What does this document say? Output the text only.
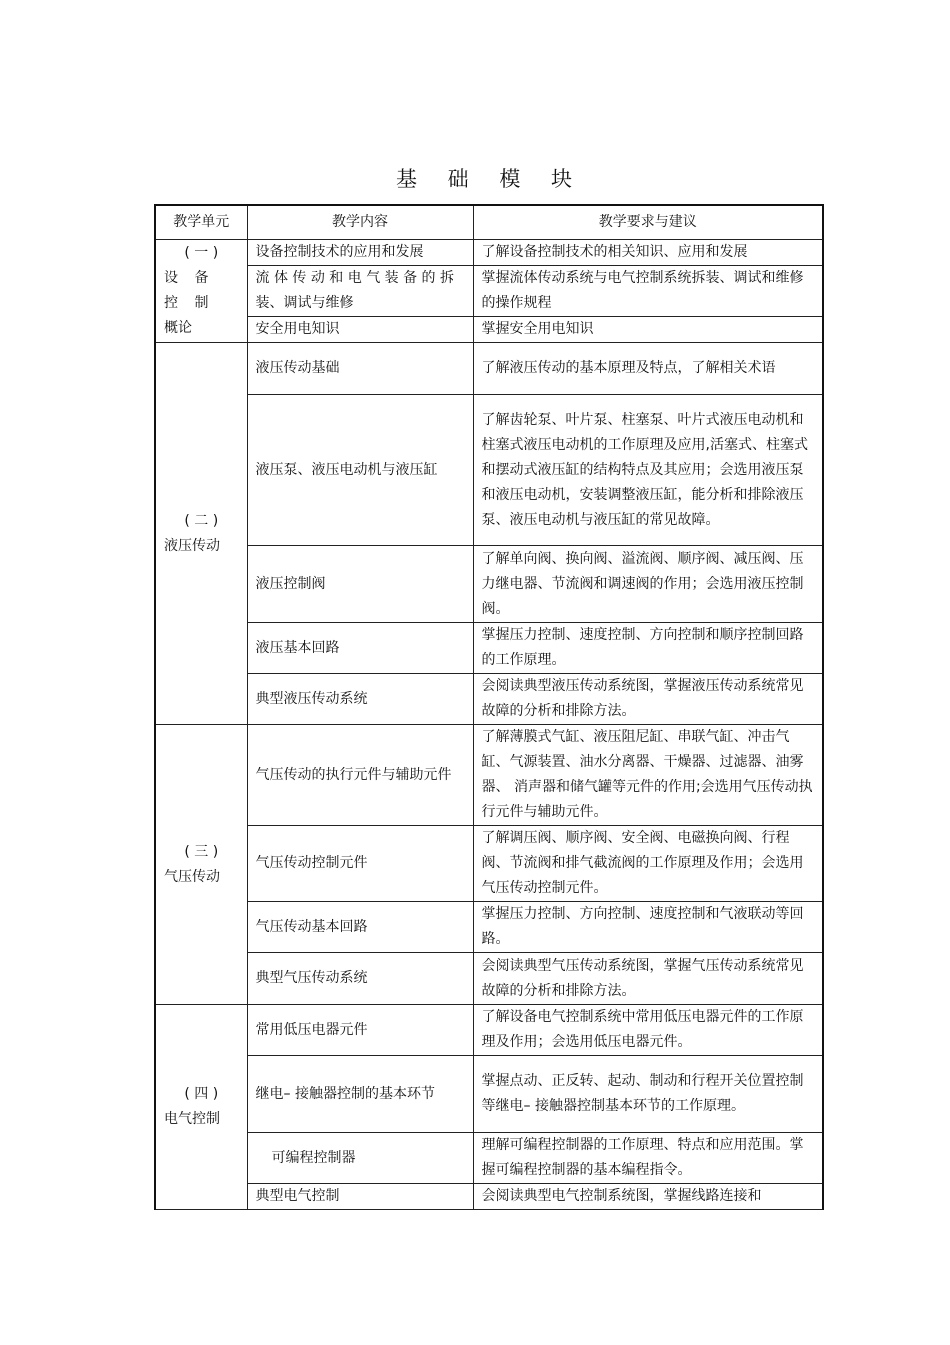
基 础 模 块
教学单元	教学内容	教学要求与建议

( 一 )
设 备 控 制
概论	设备控制技术的应用和发展	了解设备控制技术的相关知识、应用和发展
	流 体 传 动 和 电 气 装 备 的 拆 装、调试与维修	掌握流体传动系统与电气控制系统拆装、调试和维修的操作规程
	安全用电知识	掌握安全用电知识

( 二 )
液压传动	液压传动基础	了解液压传动的基本原理及特点，了解相关术语
	液压泵、液压电动机与液压缸	了解齿轮泵、叶片泵、柱塞泵、叶片式液压电动机和柱塞式液压电动机的工作原理及应用,活塞式、柱塞式和摆动式液压缸的结构特点及其应用；会选用液压泵和液压电动机，安装调整液压缸，能分析和排除液压泵、液压电动机与液压缸的常见故障。
	液压控制阀	了解单向阀、换向阀、溢流阀、顺序阀、减压阀、压力继电器、节流阀和调速阀的作用；会选用液压控制阀。
	液压基本回路	掌握压力控制、速度控制、方向控制和顺序控制回路的工作原理。
	典型液压传动系统	会阅读典型液压传动系统图，掌握液压传动系统常见故障的分析和排除方法。

( 三 )
气压传动	气压传动的执行元件与辅助元件	了解薄膜式气缸、液压阻尼缸、串联气缸、冲击气缸、气源装置、油水分离器、干燥器、过滤器、油雾器、 消声器和储气罐等元件的作用;会选用气压传动执行元件与辅助元件。
	气压传动控制元件	了解调压阀、顺序阀、安全阀、电磁换向阀、行程阀、节流阀和排气截流阀的工作原理及作用；会选用气压传动控制元件。
	气压传动基本回路	掌握压力控制、方向控制、速度控制和气液联动等回路。
	典型气压传动系统	会阅读典型气压传动系统图，掌握气压传动系统常见故障的分析和排除方法。

( 四 )
电气控制	常用低压电器元件	了解设备电气控制系统中常用低压电器元件的工作原理及作用；会选用低压电器元件。
	继电– 接触器控制的基本环节	掌握点动、正反转、起动、制动和行程开关位置控制等继电– 接触器控制基本环节的工作原理。
	可编程控制器	理解可编程控制器的工作原理、特点和应用范围。掌握可编程控制器的基本编程指令。
	典型电气控制	会阅读典型电气控制系统图，掌握线路连接和
